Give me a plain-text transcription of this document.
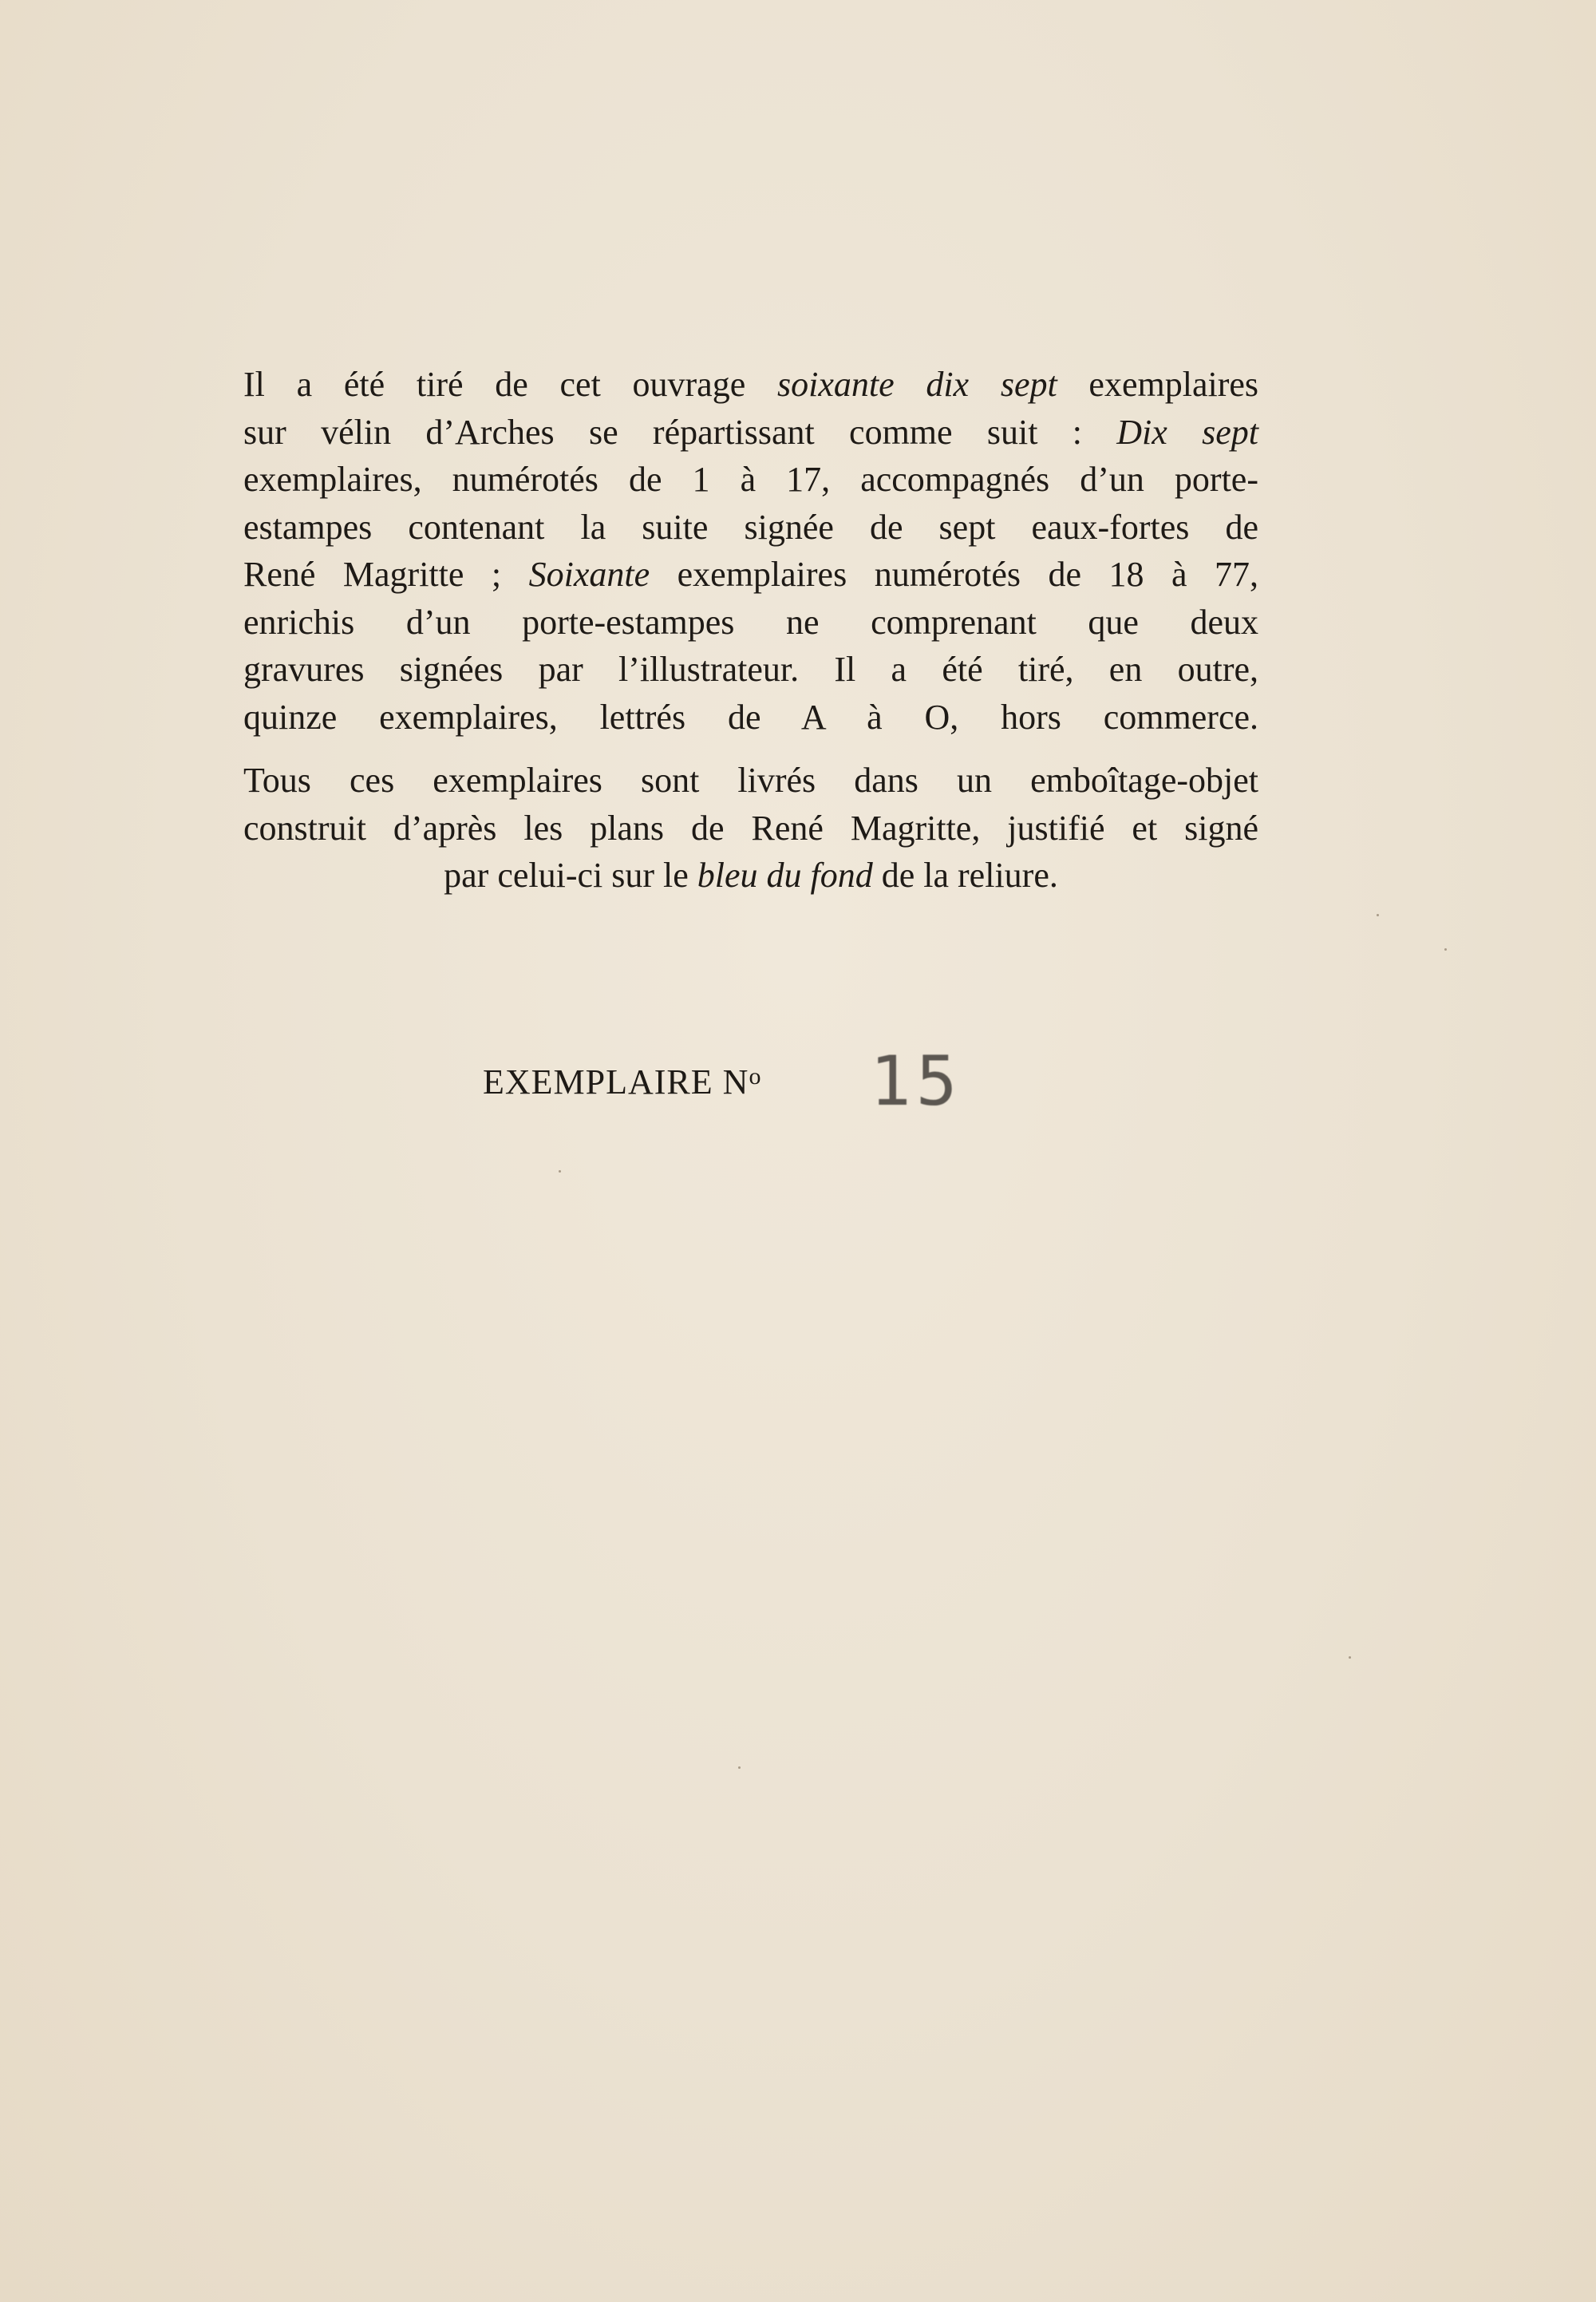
Il a été tiré de cet ouvrage soixante dix sept exemplaires
sur vélin d’Arches se répartissant comme suit : Dix sept
exemplaires, numérotés de 1 à 17, accompagnés d’un porte-
estampes contenant la suite signée de sept eaux-fortes de
René Magritte ; Soixante exemplaires numérotés de 18 à 77,
enrichis d’un porte-estampes ne comprenant que deux
gravures signées par l’illustrateur. Il a été tiré, en outre,
quinze exemplaires, lettrés de A à O, hors commerce.

Tous ces exemplaires sont livrés dans un emboîtage-objet
construit d’après les plans de René Magritte, justifié et signé
par celui-ci sur le bleu du fond de la reliure.

EXEMPLAIRE $N^o$ 15
